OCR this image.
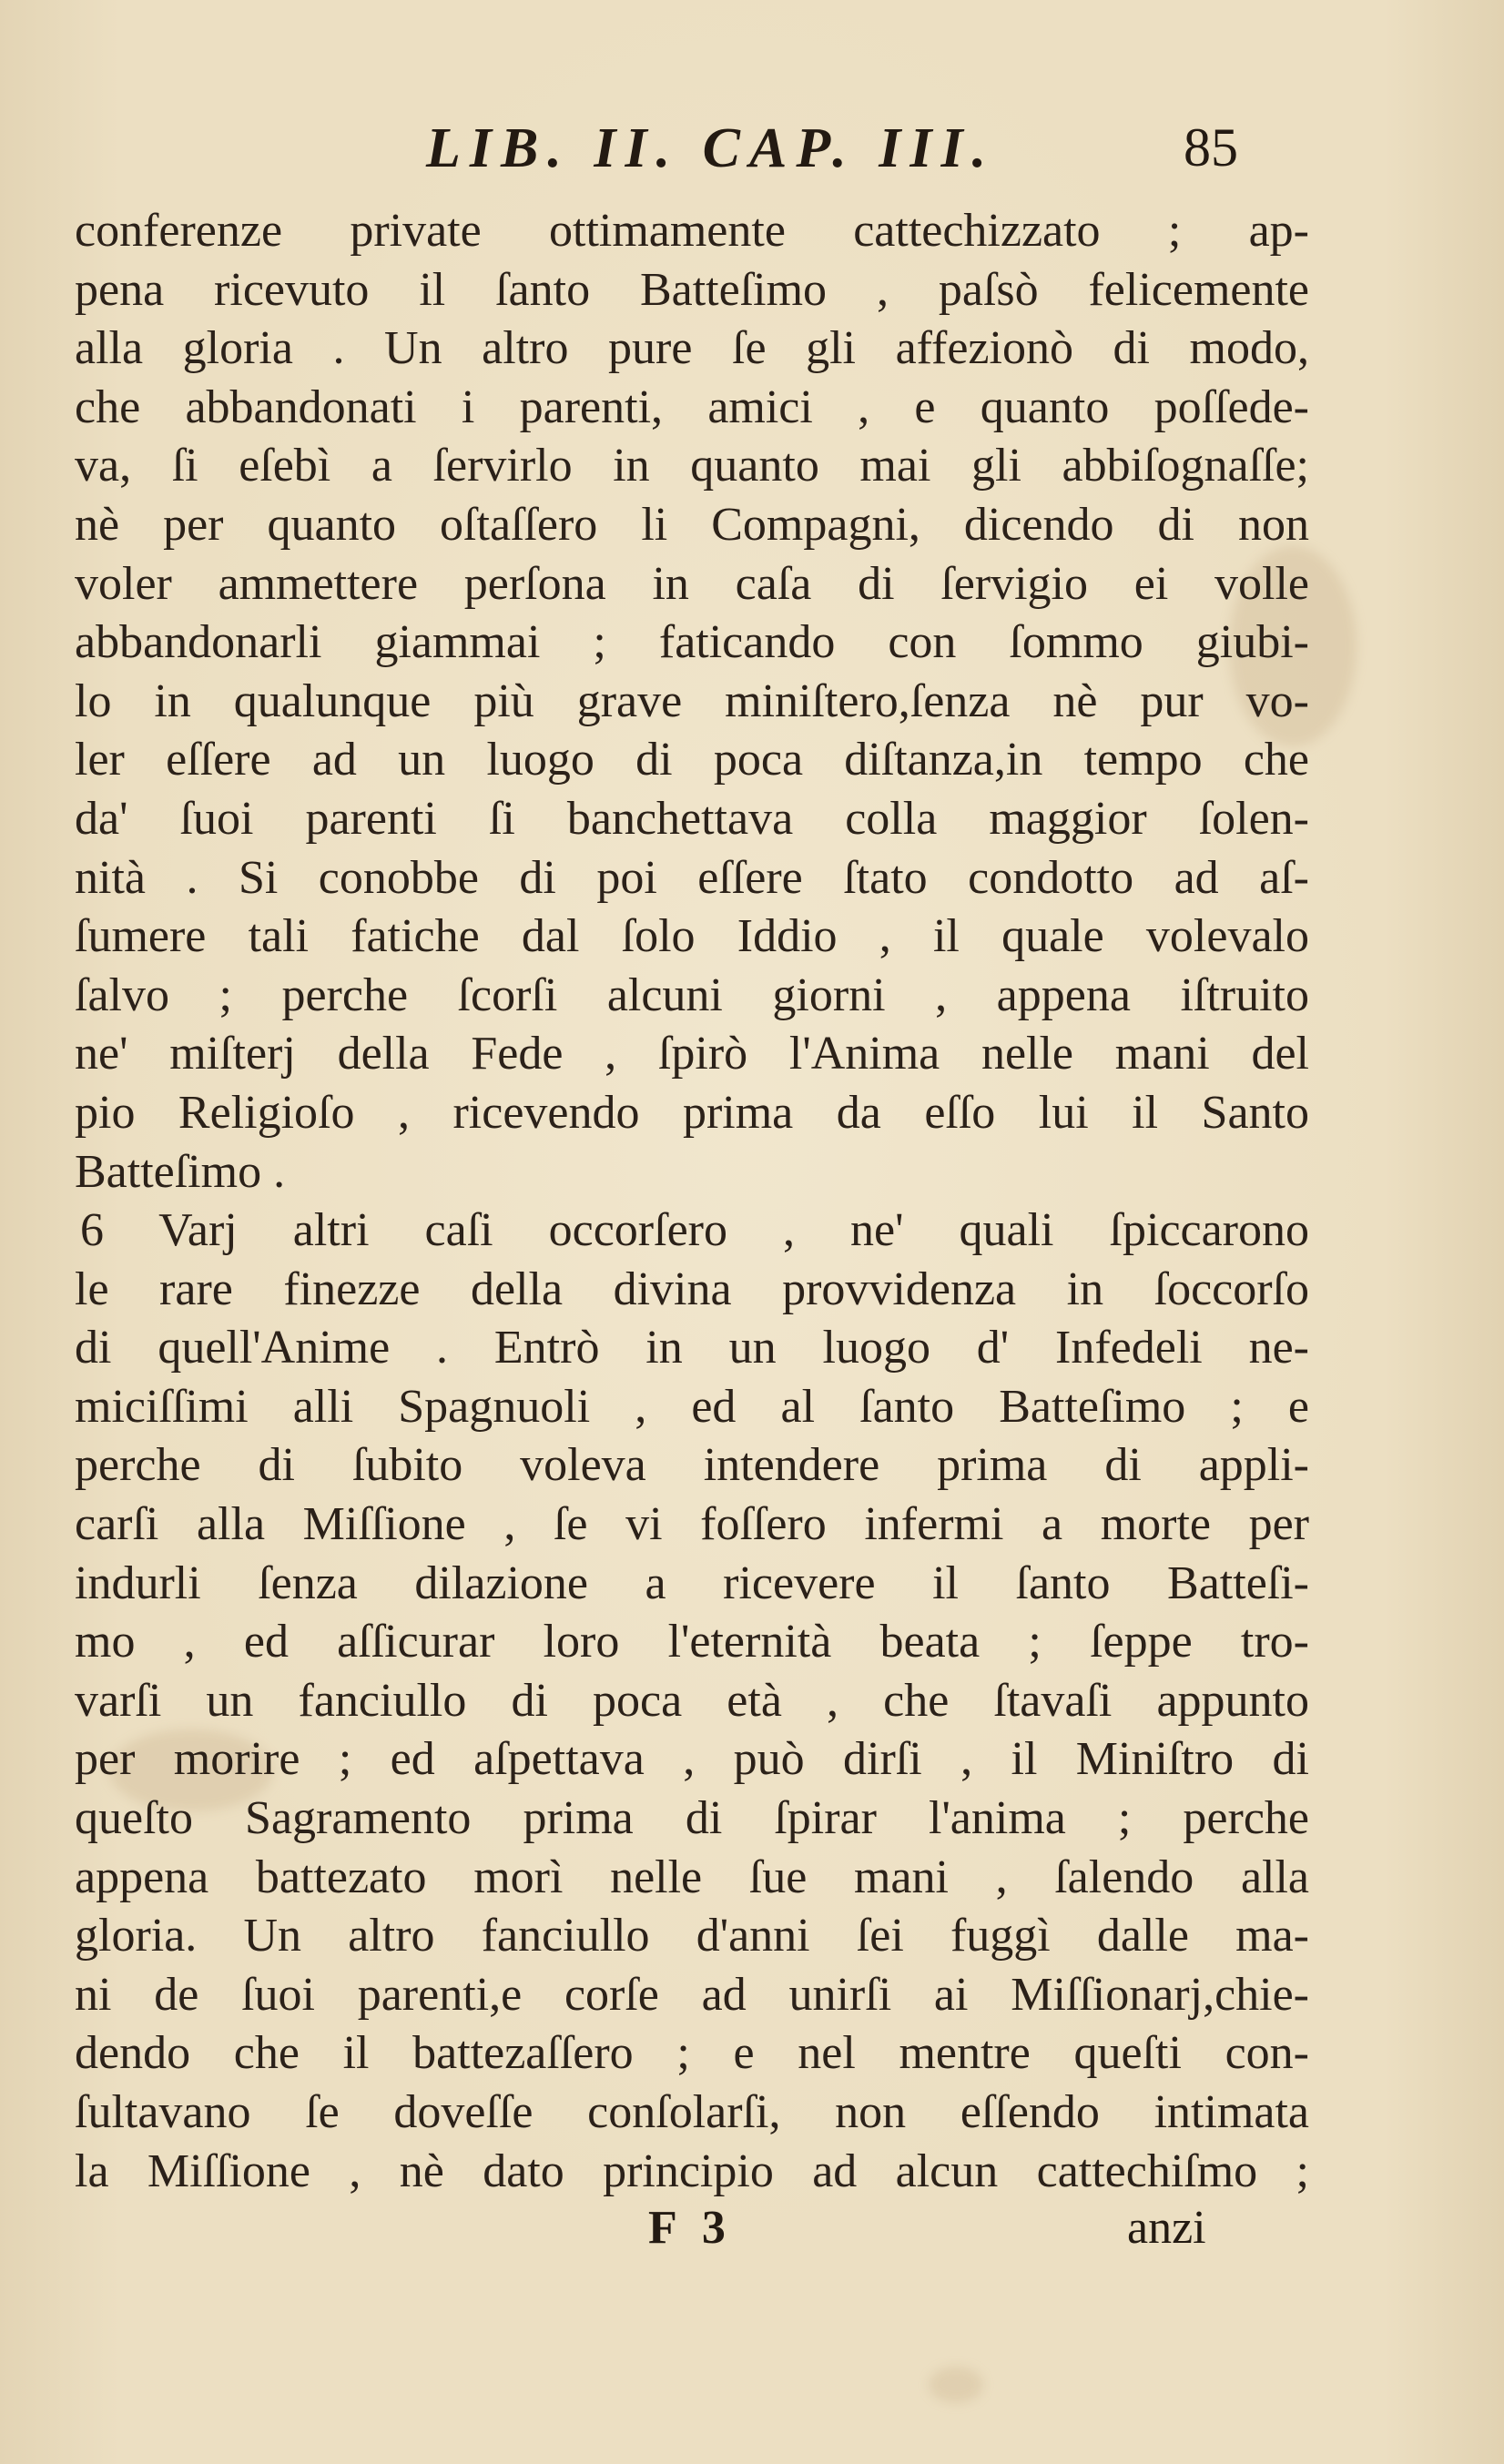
LIB. II. CAP. III.	85
conferenze private ottimamente cattechizzato ; ap-
pena ricevuto il ſanto Batteſimo , paſsò felicemente
alla gloria . Un altro pure ſe gli affezionò di modo,
che abbandonati i parenti, amici , e quanto poſſede-
va, ſi eſebì a ſervirlo in quanto mai gli abbiſognaſſe;
nè per quanto oſtaſſero li Compagni, dicendo di non
voler ammettere perſona in caſa di ſervigio ei volle
abbandonarli giammai ; faticando con ſommo giubi-
lo in qualunque più grave miniſtero,ſenza nè pur vo-
ler eſſere ad un luogo di poca diſtanza,in tempo che
da' ſuoi parenti ſi banchettava colla maggior ſolen-
nità . Si conobbe di poi eſſere ſtato condotto ad aſ-
ſumere tali fatiche dal ſolo Iddio , il quale volevalo
ſalvo ; perche ſcorſi alcuni giorni , appena iſtruito
ne' miſterj della Fede , ſpirò l'Anima nelle mani del
pio Religioſo , ricevendo prima da eſſo lui il Santo
Batteſimo .
6 Varj altri caſi occorſero , ne' quali ſpiccarono
le rare finezze della divina provvidenza in ſoccorſo
di quell'Anime . Entrò in un luogo d' Infedeli ne-
miciſſimi alli Spagnuoli , ed al ſanto Batteſimo ; e
perche di ſubito voleva intendere prima di appli-
carſi alla Miſſione , ſe vi foſſero infermi a morte per
indurli ſenza dilazione a ricevere il ſanto Batteſi-
mo , ed aſſicurar loro l'eternità beata ; ſeppe tro-
varſi un fanciullo di poca età , che ſtavaſi appunto
per morire ; ed aſpettava , può dirſi , il Miniſtro di
queſto Sagramento prima di ſpirar l'anima ; perche
appena battezato morì nelle ſue mani , ſalendo alla
gloria. Un altro fanciullo d'anni ſei fuggì dalle ma-
ni de ſuoi parenti,e corſe ad unirſi ai Miſſionarj,chie-
dendo che il battezaſſero ; e nel mentre queſti con-
ſultavano ſe doveſſe conſolarſi, non eſſendo intimata
la Miſſione , nè dato principio ad alcun cattechiſmo ;
F 3	anzi
